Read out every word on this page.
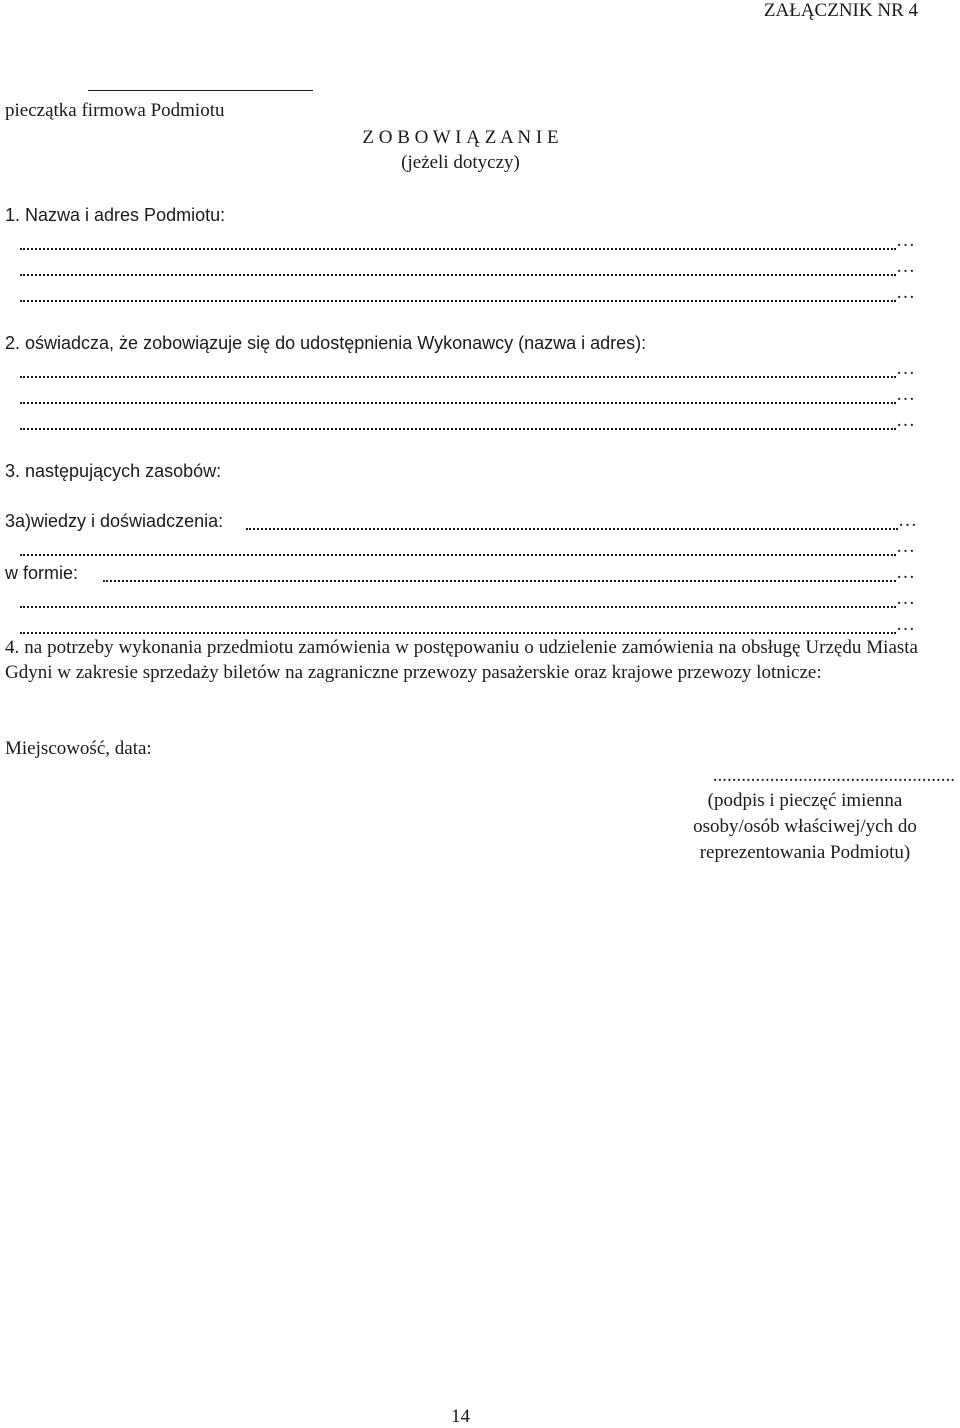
ZAŁĄCZNIK NR 4
pieczątka firmowa Podmiotu
Z O B O W I Ą Z A N I E
(jeżeli dotyczy)
1. Nazwa i adres Podmiotu:
…
…
…
2. oświadcza, że zobowiązuje się do udostępnienia Wykonawcy (nazwa i adres):
…
…
…
3. następujących zasobów:
3a)wiedzy i doświadczenia:	…
…
w formie:	…
…
…
4. na potrzeby wykonania przedmiotu zamówienia w postępowaniu o udzielenie zamówienia na obsługę Urzędu Miasta Gdyni w zakresie sprzedaży biletów na zagraniczne przewozy pasażerskie oraz krajowe przewozy lotnicze:
Miejscowość, data:
...................................................
(podpis i pieczęć imienna
osoby/osób właściwej/ych do
reprezentowania Podmiotu)
14
